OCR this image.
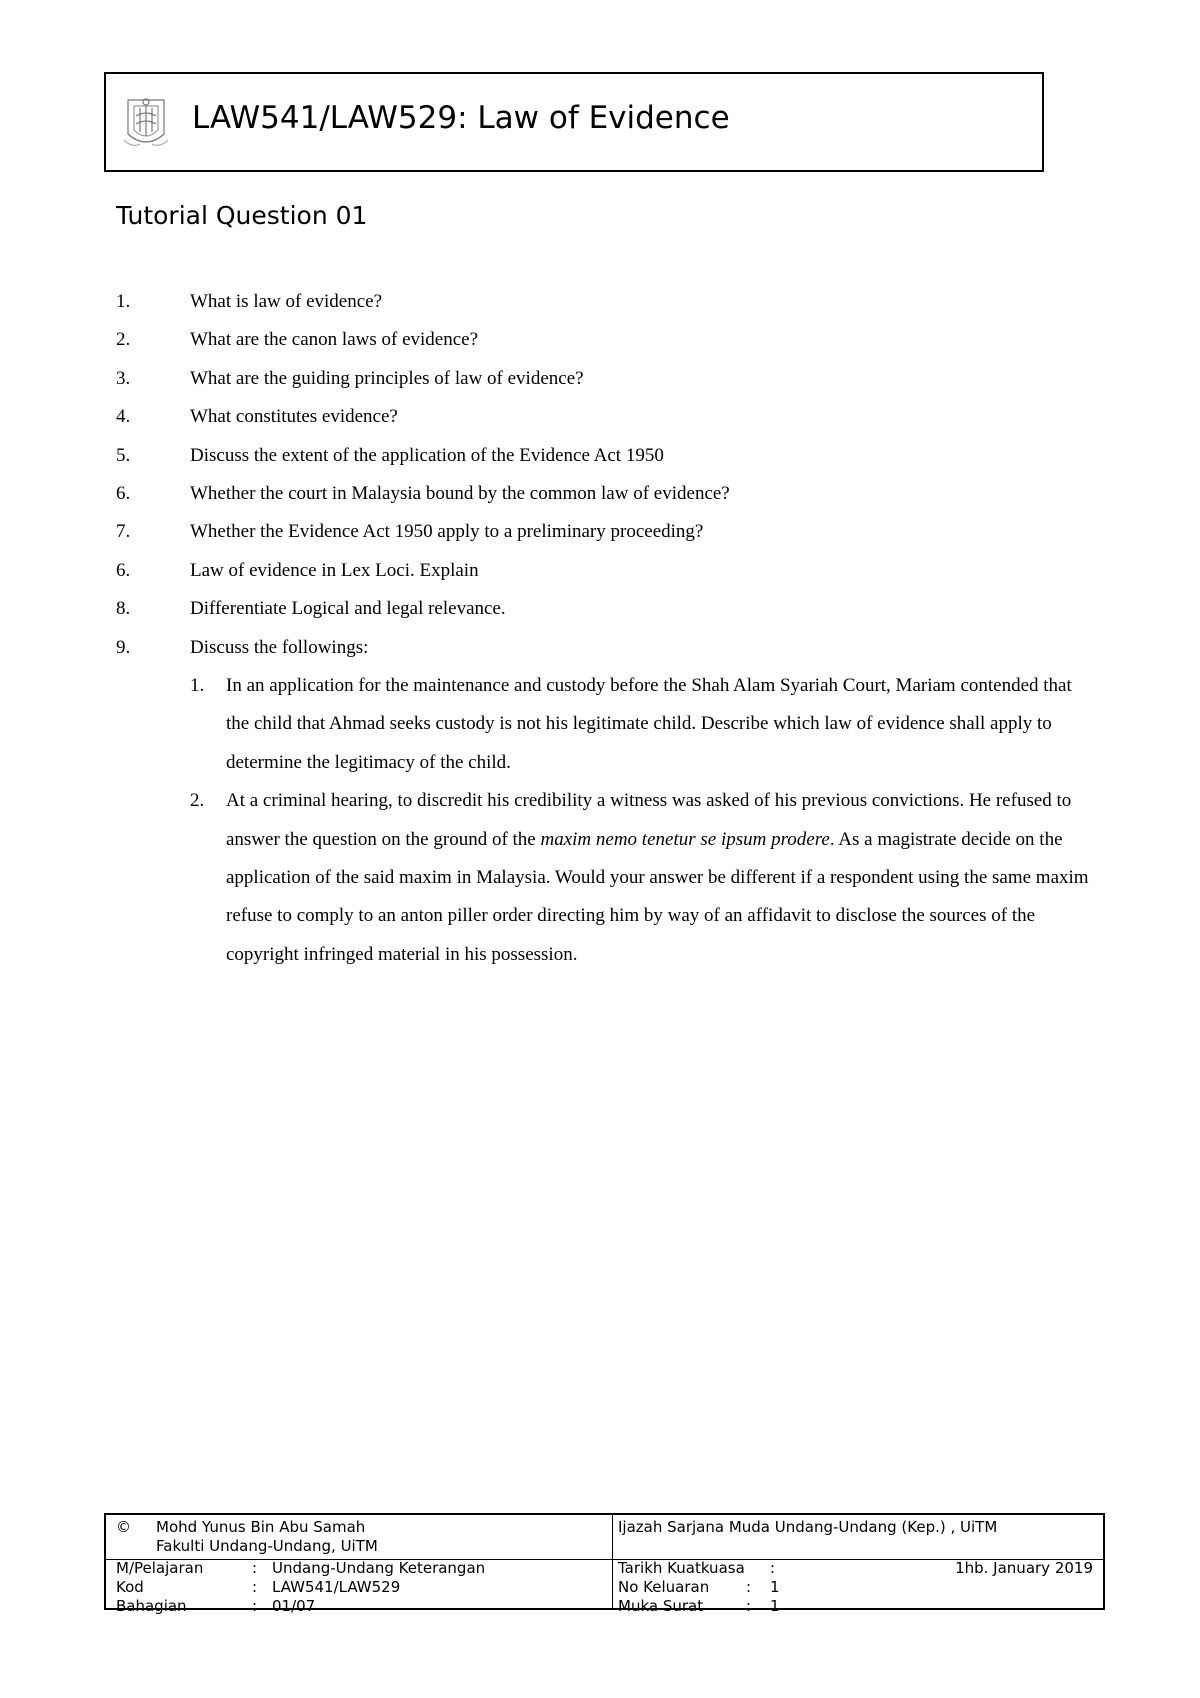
LAW541/LAW529: Law of Evidence
Tutorial Question 01
1.	What is law of evidence?
2.	What are the canon laws of evidence?
3.	What are the guiding principles of law of evidence?
4.	What constitutes evidence?
5.	Discuss the extent of the application of the Evidence Act 1950
6.	Whether the court in Malaysia bound by the common law of evidence?
7.	Whether the Evidence Act 1950 apply to a preliminary proceeding?
6.	Law of evidence in Lex Loci. Explain
8.	Differentiate Logical and legal relevance.
9.	Discuss the followings:
1. In an application for the maintenance and custody before the Shah Alam Syariah Court, Mariam contended that the child that Ahmad seeks custody is not his legitimate child. Describe which law of evidence shall apply to determine the legitimacy of the child.
2. At a criminal hearing, to discredit his credibility a witness was asked of his previous convictions. He refused to answer the question on the ground of the maxim nemo tenetur se ipsum prodere. As a magistrate decide on the application of the said maxim in Malaysia. Would your answer be different if a respondent using the same maxim refuse to comply to an anton piller order directing him by way of an affidavit to disclose the sources of the copyright infringed material in his possession.
© Mohd Yunus Bin Abu Samah
Fakulti Undang-Undang, UiTM
Ijazah Sarjana Muda Undang-Undang (Kep.) , UiTM
M/Pelajaran	: Undang-Undang Keterangan
Kod	: LAW541/LAW529
Bahagian	: 01/07
Tarikh Kuatkuasa :	1hb. January 2019
No Keluaran : 1
Muka Surat	: 1
